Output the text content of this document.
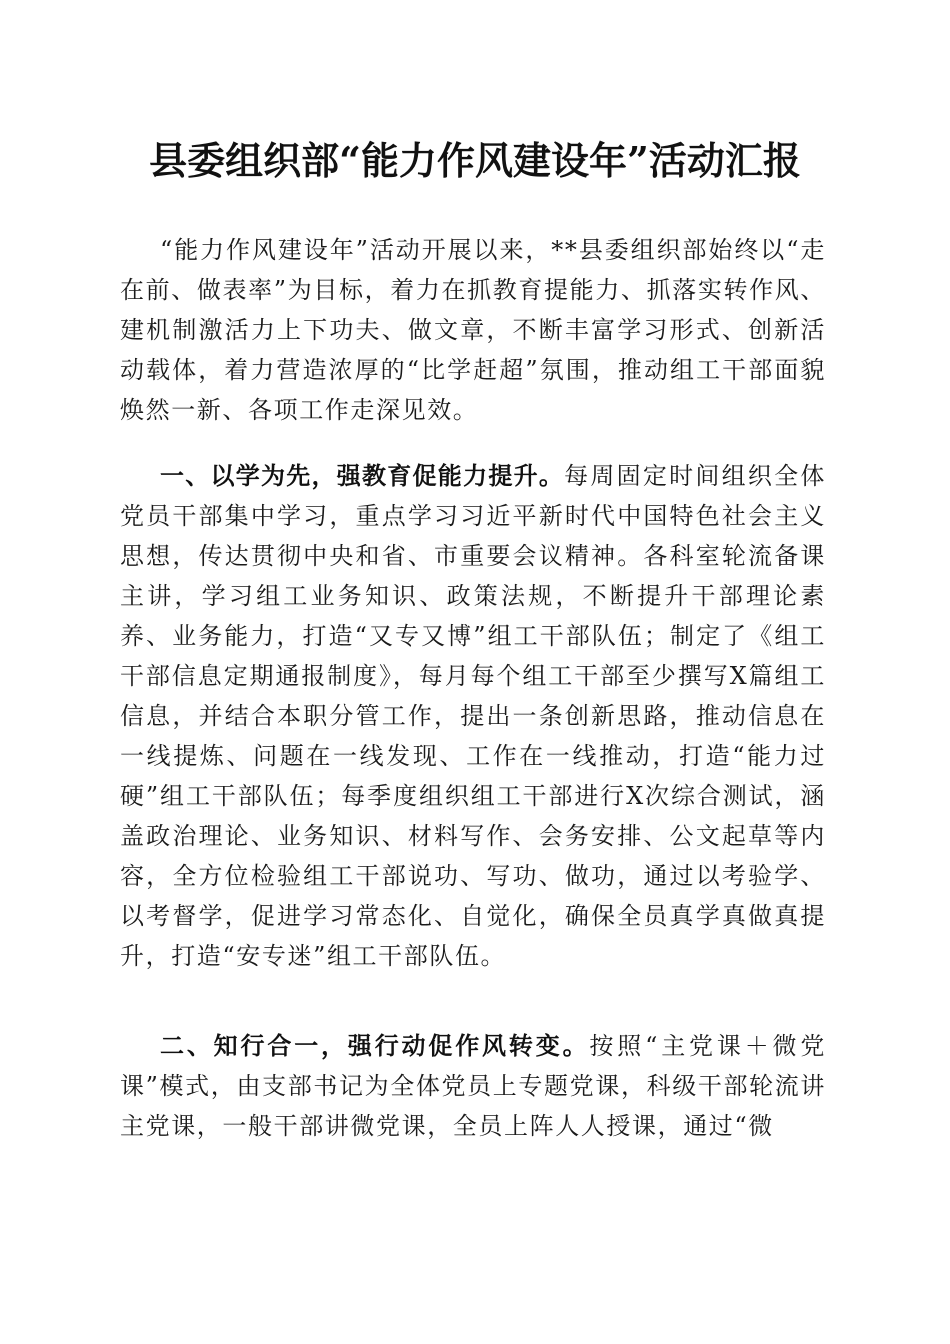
县委组织部“能力作风建设年”活动汇报

“能力作风建设年”活动开展以来，**县委组织部始终以“走在前、做表率”为目标，着力在抓教育提能力、抓落实转作风、建机制激活力上下功夫、做文章，不断丰富学习形式、创新活动载体，着力营造浓厚的“比学赶超”氛围，推动组工干部面貌焕然一新、各项工作走深见效。

一、以学为先，强教育促能力提升。每周固定时间组织全体党员干部集中学习，重点学习习近平新时代中国特色社会主义思想，传达贯彻中央和省、市重要会议精神。各科室轮流备课主讲，学习组工业务知识、政策法规，不断提升干部理论素养、业务能力，打造“又专又博”组工干部队伍；制定了《组工干部信息定期通报制度》，每月每个组工干部至少撰写X篇组工信息，并结合本职分管工作，提出一条创新思路，推动信息在一线提炼、问题在一线发现、工作在一线推动，打造“能力过硬”组工干部队伍；每季度组织组工干部进行X次综合测试，涵盖政治理论、业务知识、材料写作、会务安排、公文起草等内容，全方位检验组工干部说功、写功、做功，通过以考验学、以考督学，促进学习常态化、自觉化，确保全员真学真做真提升，打造“安专迷”组工干部队伍。

二、知行合一，强行动促作风转变。按照“主党课＋微党课”模式，由支部书记为全体党员上专题党课，科级干部轮流讲主党课，一般干部讲微党课，全员上阵人人授课，通过“微
